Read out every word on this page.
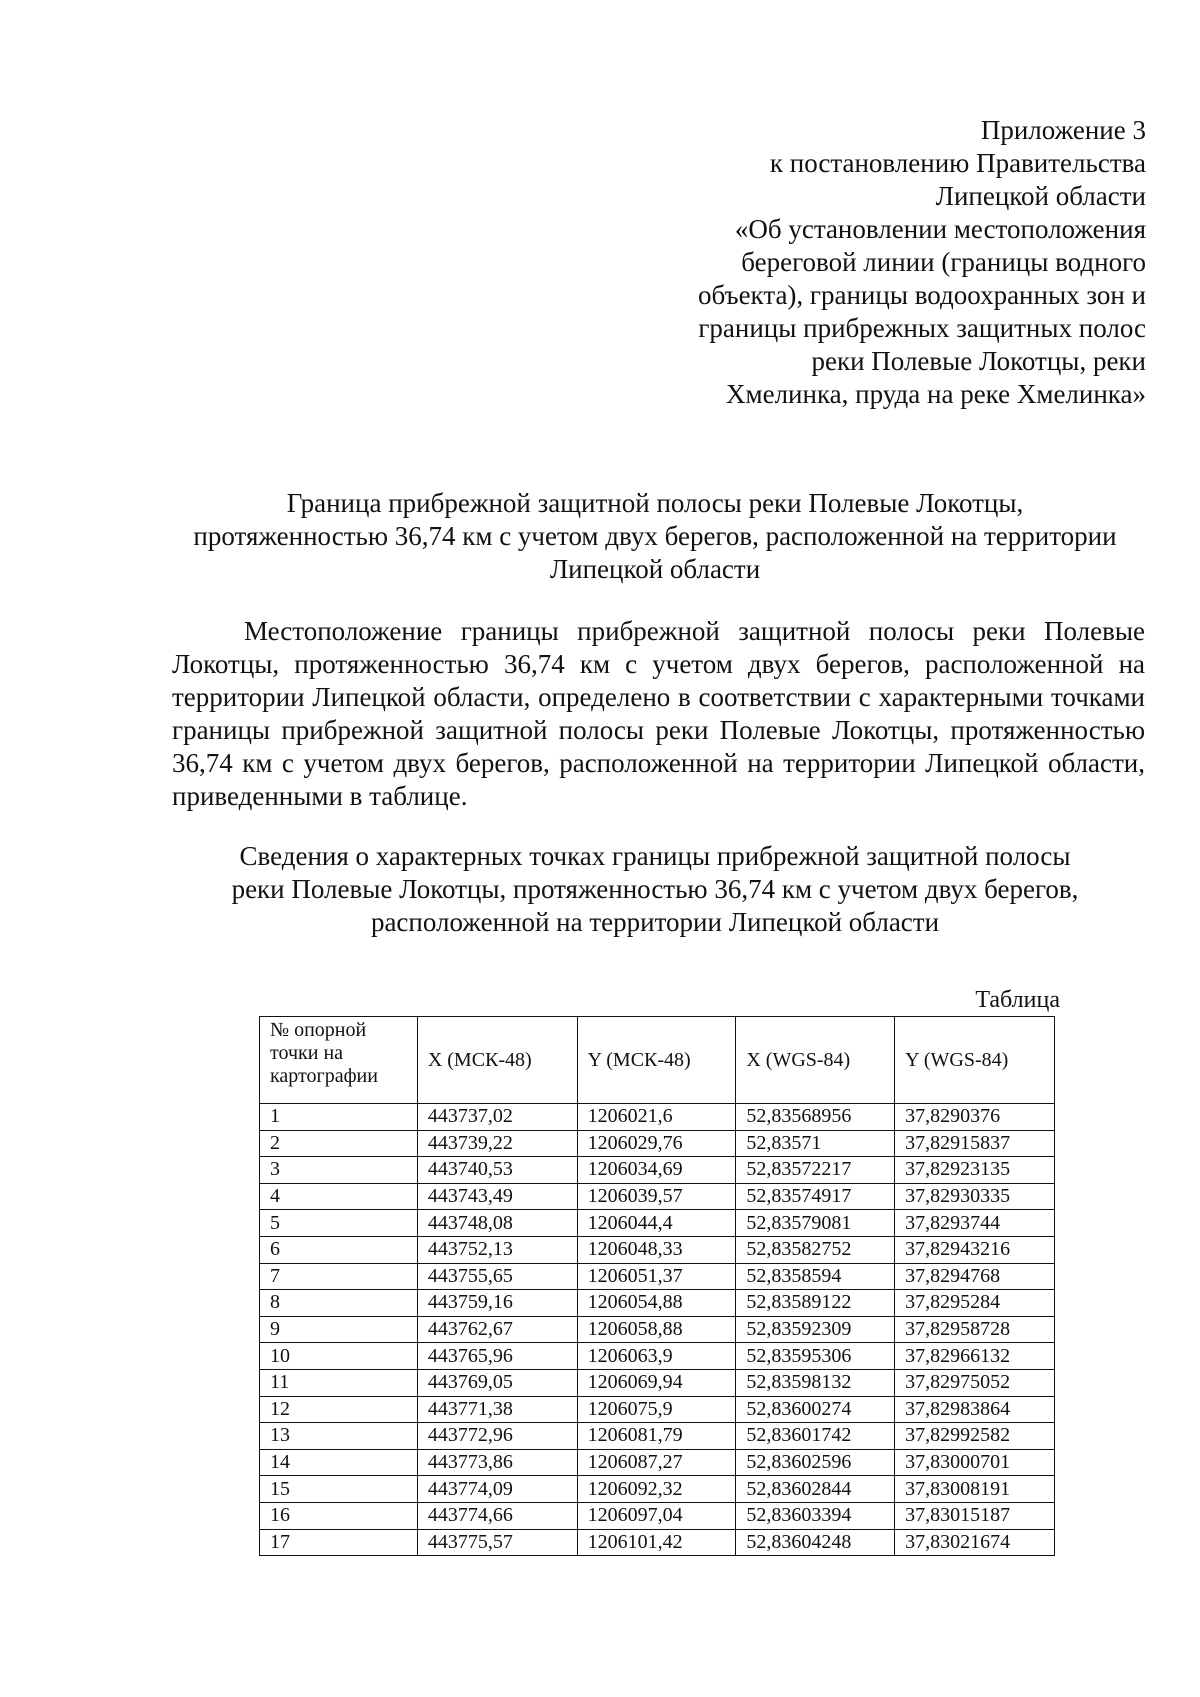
Приложение 3
к постановлению Правительства
Липецкой области
«Об установлении местоположения
береговой линии (границы водного
объекта), границы водоохранных зон и
границы прибрежных защитных полос
реки Полевые Локотцы, реки
Хмелинка, пруда на реке Хмелинка»
Граница прибрежной защитной полосы реки Полевые Локотцы,
протяженностью 36,74 км с учетом двух берегов, расположенной на территории
Липецкой области

Местоположение границы прибрежной защитной полосы реки Полевые Локотцы, протяженностью 36,74 км с учетом двух берегов, расположенной на территории Липецкой области, определено в соответствии с характерными точками границы прибрежной защитной полосы реки Полевые Локотцы, протяженностью 36,74 км с учетом двух берегов, расположенной на территории Липецкой области, приведенными в таблице.

Сведения о характерных точках границы прибрежной защитной полосы
реки Полевые Локотцы, протяженностью 36,74 км с учетом двух берегов,
расположенной на территории Липецкой области
Таблица
№ опорной
точки на
картографии	X (МСК-48)	Y (МСК-48)	X (WGS-84)	Y (WGS-84)
1	443737,02	1206021,6	52,83568956	37,8290376
2	443739,22	1206029,76	52,83571	37,82915837
3	443740,53	1206034,69	52,83572217	37,82923135
4	443743,49	1206039,57	52,83574917	37,82930335
5	443748,08	1206044,4	52,83579081	37,8293744
6	443752,13	1206048,33	52,83582752	37,82943216
7	443755,65	1206051,37	52,8358594	37,8294768
8	443759,16	1206054,88	52,83589122	37,8295284
9	443762,67	1206058,88	52,83592309	37,82958728
10	443765,96	1206063,9	52,83595306	37,82966132
11	443769,05	1206069,94	52,83598132	37,82975052
12	443771,38	1206075,9	52,83600274	37,82983864
13	443772,96	1206081,79	52,83601742	37,82992582
14	443773,86	1206087,27	52,83602596	37,83000701
15	443774,09	1206092,32	52,83602844	37,83008191
16	443774,66	1206097,04	52,83603394	37,83015187
17	443775,57	1206101,42	52,83604248	37,83021674
